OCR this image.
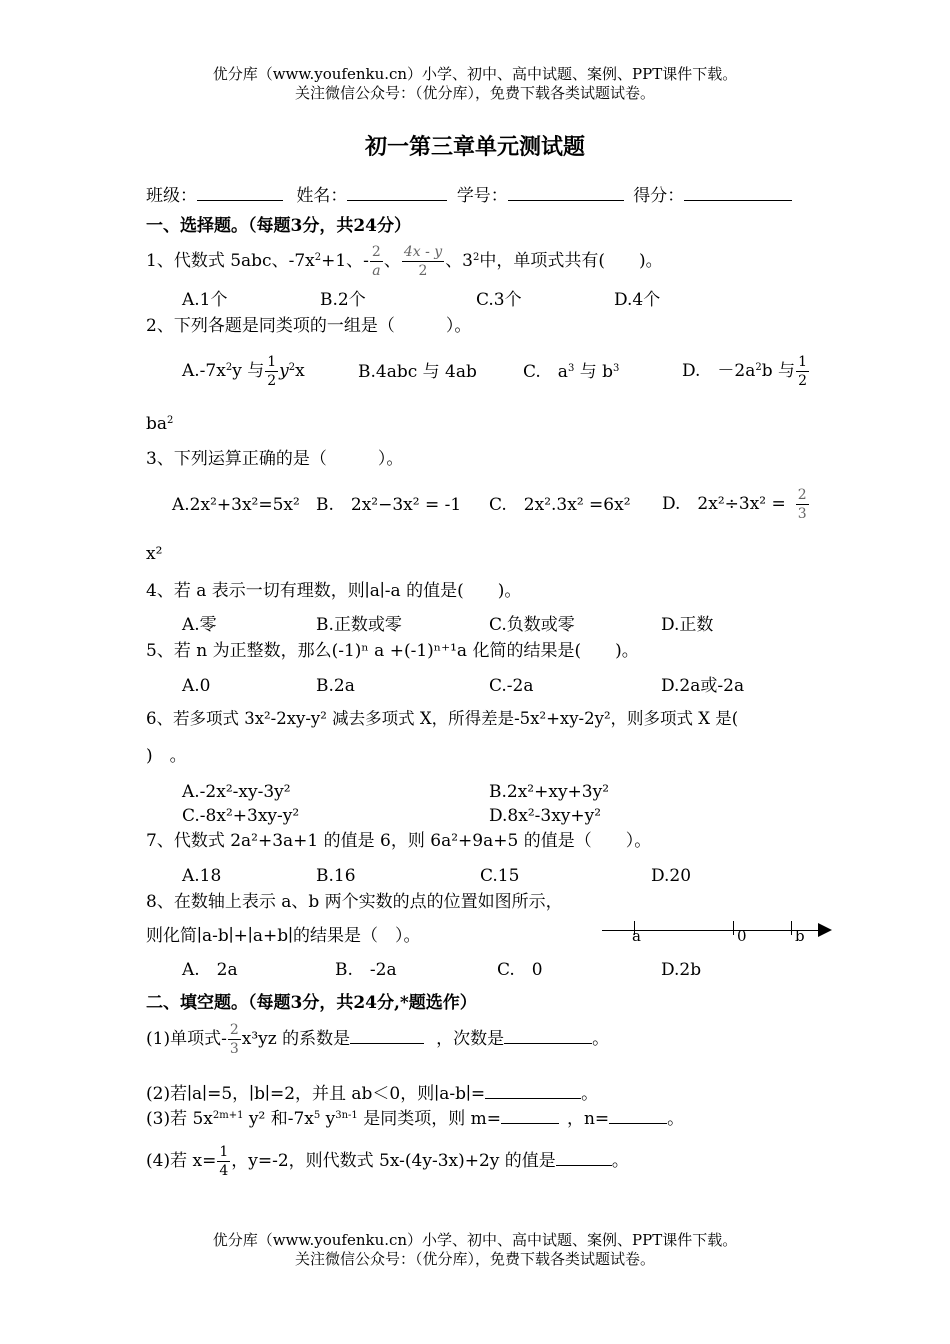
优分库（www.youfenku.cn）小学、初中、高中试题、案例、PPT课件下载。
关注微信公众号：（优分库），免费下载各类试题试卷。
初一第三章单元测试题
班级：	姓名：	学号：	得分：
一、选择题。（每题3分，共24分）
1、代数式 5abc、$-7x^2+1$、- $\frac{2}{a}$ 、 $\frac{4x - y}{2}$ 、$3^2$中，单项式共有(　　)。
A.1个	B.2个	C.3个	D.4个
2、下列各题是同类项的一组是（　　　）。
$A.-7x^2y$ 与 $\frac{1}{2} y^2x$	B.4abc 与 4ab	C.　$a^3$ 与 $b^3$	D.　$-2a^2b$ 与 $\frac{1}{2}$
$ba^2$
3、下列运算正确的是（　　　）。
A.2x²+3x²=5x² B.　2x²−3x² = -1 C.　2x².3x² =6x² D.　$2x^2\div 3x^2 = \frac{2}{3}$
x²
4、若 a 表示一切有理数，则∣a∣-a 的值是(　　)。
A.零	B.正数或零	C.负数或零	D.正数
5、若 n 为正整数，那么(-1)ⁿ a +(-1)ⁿ⁺¹a 化简的结果是(　　)。
A.0	B.2a	C.-2a	D.2a或-2a
6、若多项式 3x²-2xy-y² 减去多项式 X，所得差是-5x²+xy-2y²，则多项式 X 是(
)　。
A.-2x²-xy-3y²	B.2x²+xy+3y²
C.-8x²+3xy-y²	D.8x²-3xy+y²
7、代数式 2a²+3a+1 的值是 6，则 6a²+9a+5 的值是（　　）。
A.18	B.16	C.15	D.20
8、在数轴上表示 a、b 两个实数的点的位置如图所示，
则化简∣a-b∣+∣a+b∣的结果是（　）。	a	0	b
A.　2a	B.　-2a	C.　0	D.2b
二、填空题。（每题3分，共24分,*题选作）
(1)单项式- $\frac{2}{3} x^3yz$ 的系数是	，次数是	。
(2)若∣a∣=5，∣b∣=2，并且 ab＜0，则∣a-b∣=	。
(3)若 $5x^{2m+1}$ y² 和$-7x^5$ $y^{3n-1}$ 是同类项，则 m=	，n=	。
(4)若 $x= \frac{1}{4}$ ，y=-2，则代数式 5x-(4y-3x)+2y 的值是	。
优分库（www.youfenku.cn）小学、初中、高中试题、案例、PPT课件下载。
关注微信公众号：（优分库），免费下载各类试题试卷。
